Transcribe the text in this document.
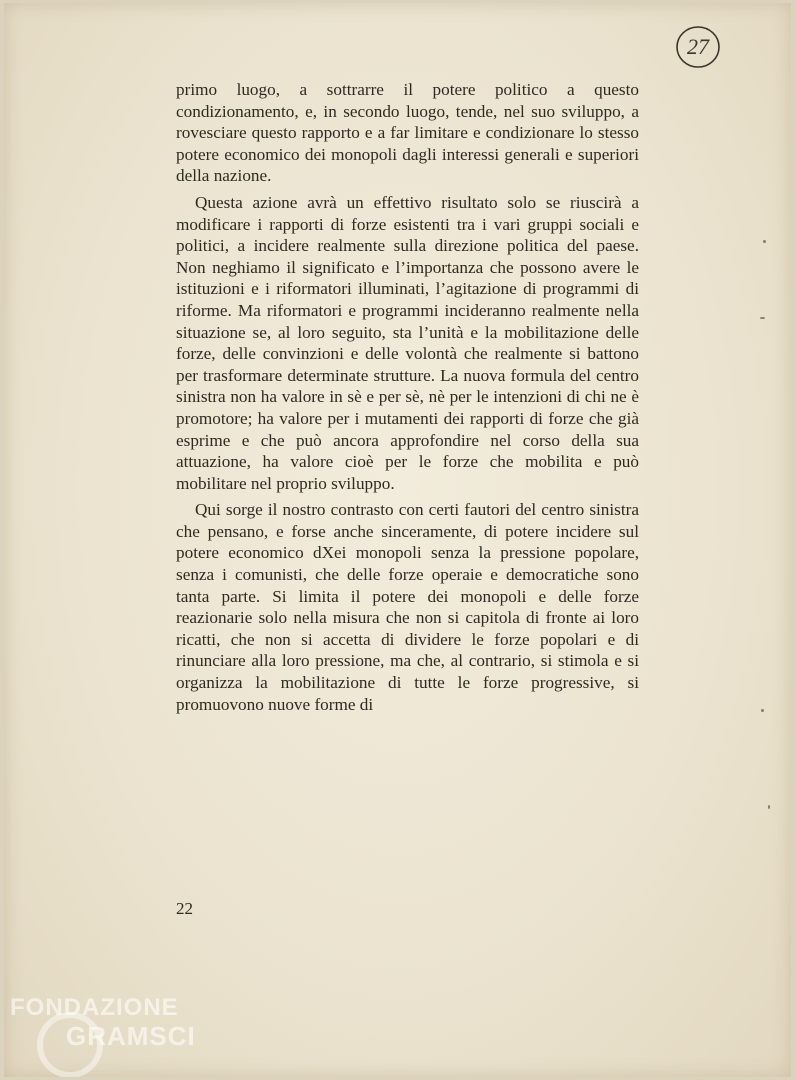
27

primo luogo, a sottrarre il potere politico a questo condizionamento, e, in secondo luogo, tende, nel suo sviluppo, a rovesciare questo rapporto e a far limitare e condizionare lo stesso potere economico dei monopoli dagli interessi generali e superiori della nazione.

Questa azione avrà un effettivo risultato solo se riuscirà a modificare i rapporti di forze esistenti tra i vari gruppi sociali e politici, a incidere realmente sulla direzione politica del paese. Non neghiamo il significato e l’importanza che possono avere le istituzioni e i riformatori illuminati, l’agitazione di programmi di riforme. Ma riformatori e programmi incideranno realmente nella situazione se, al loro seguito, sta l’unità e la mobilitazione delle forze, delle convinzioni e delle volontà che realmente si battono per trasformare determinate strutture. La nuova formula del centro sinistra non ha valore in sè e per sè, nè per le intenzioni di chi ne è promotore; ha valore per i mutamenti dei rapporti di forze che già esprime e che può ancora approfondire nel corso della sua attuazione, ha valore cioè per le forze che mobilita e può mobilitare nel proprio sviluppo.

Qui sorge il nostro contrasto con certi fautori del centro sinistra che pensano, e forse anche sinceramente, di potere incidere sul potere economico dXei monopoli senza la pressione popolare, senza i comunisti, che delle forze operaie e democratiche sono tanta parte. Si limita il potere dei monopoli e delle forze reazionarie solo nella misura che non si capitola di fronte ai loro ricatti, che non si accetta di dividere le forze popolari e di rinunciare alla loro pressione, ma che, al contrario, si stimola e si organizza la mobilitazione di tutte le forze progressive, si promuovono nuove forme di

22
FONDAZIONE
GRAMSCI
